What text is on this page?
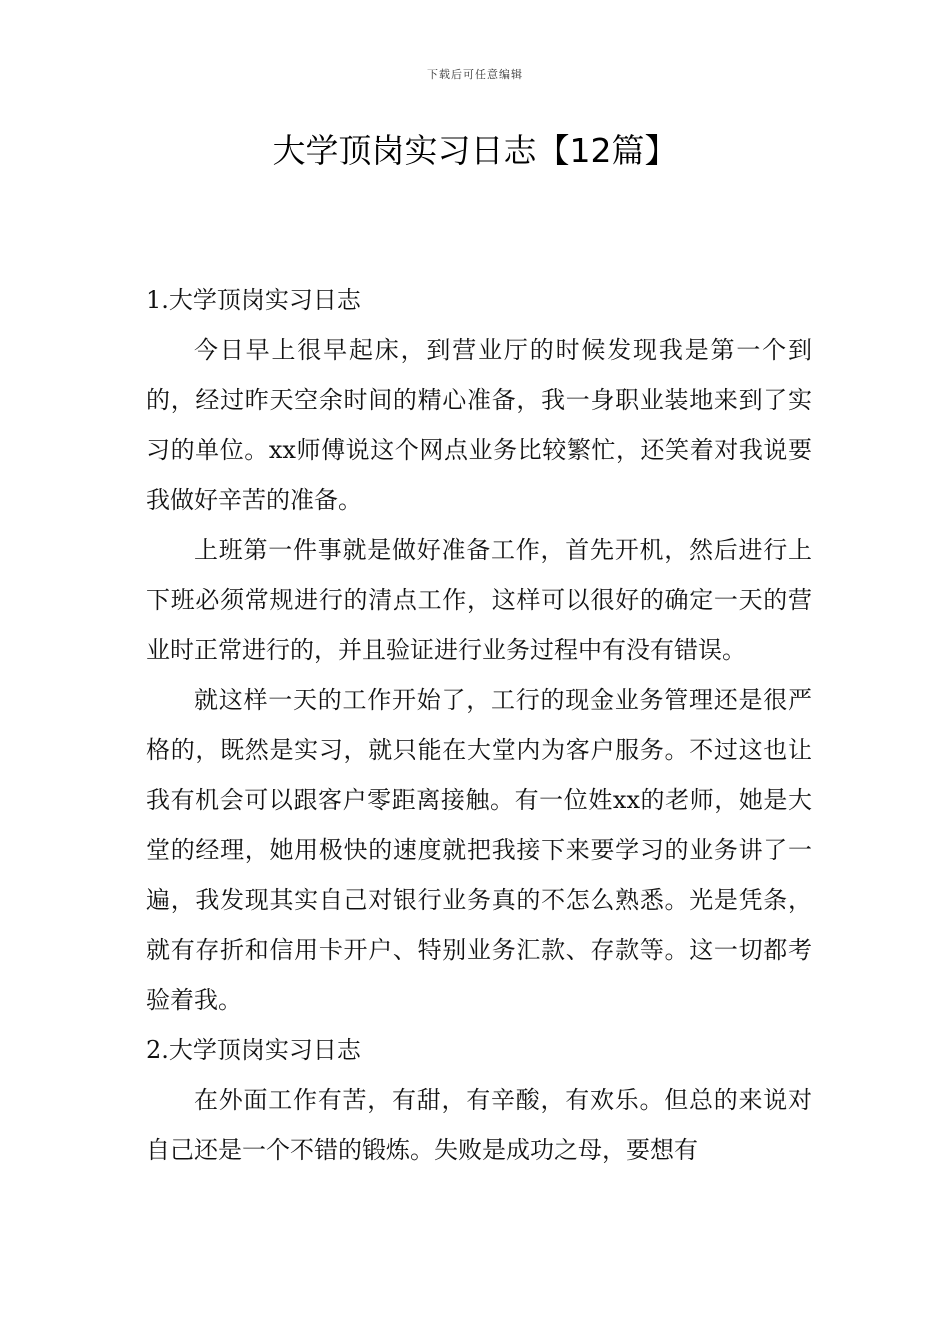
下载后可任意编辑
大学顶岗实习日志【12篇】
1.大学顶岗实习日志

今日早上很早起床，到营业厅的时候发现我是第一个到的，经过昨天空余时间的精心准备，我一身职业装地来到了实习的单位。xx师傅说这个网点业务比较繁忙，还笑着对我说要我做好辛苦的准备。

上班第一件事就是做好准备工作，首先开机，然后进行上下班必须常规进行的清点工作，这样可以很好的确定一天的营业时正常进行的，并且验证进行业务过程中有没有错误。

就这样一天的工作开始了，工行的现金业务管理还是很严格的，既然是实习，就只能在大堂内为客户服务。不过这也让我有机会可以跟客户零距离接触。有一位姓xx的老师，她是大堂的经理，她用极快的速度就把我接下来要学习的业务讲了一遍，我发现其实自己对银行业务真的不怎么熟悉。光是凭条，就有存折和信用卡开户、特别业务汇款、存款等。这一切都考验着我。

2.大学顶岗实习日志

在外面工作有苦，有甜，有辛酸，有欢乐。但总的来说对自己还是一个不错的锻炼。失败是成功之母，要想有
